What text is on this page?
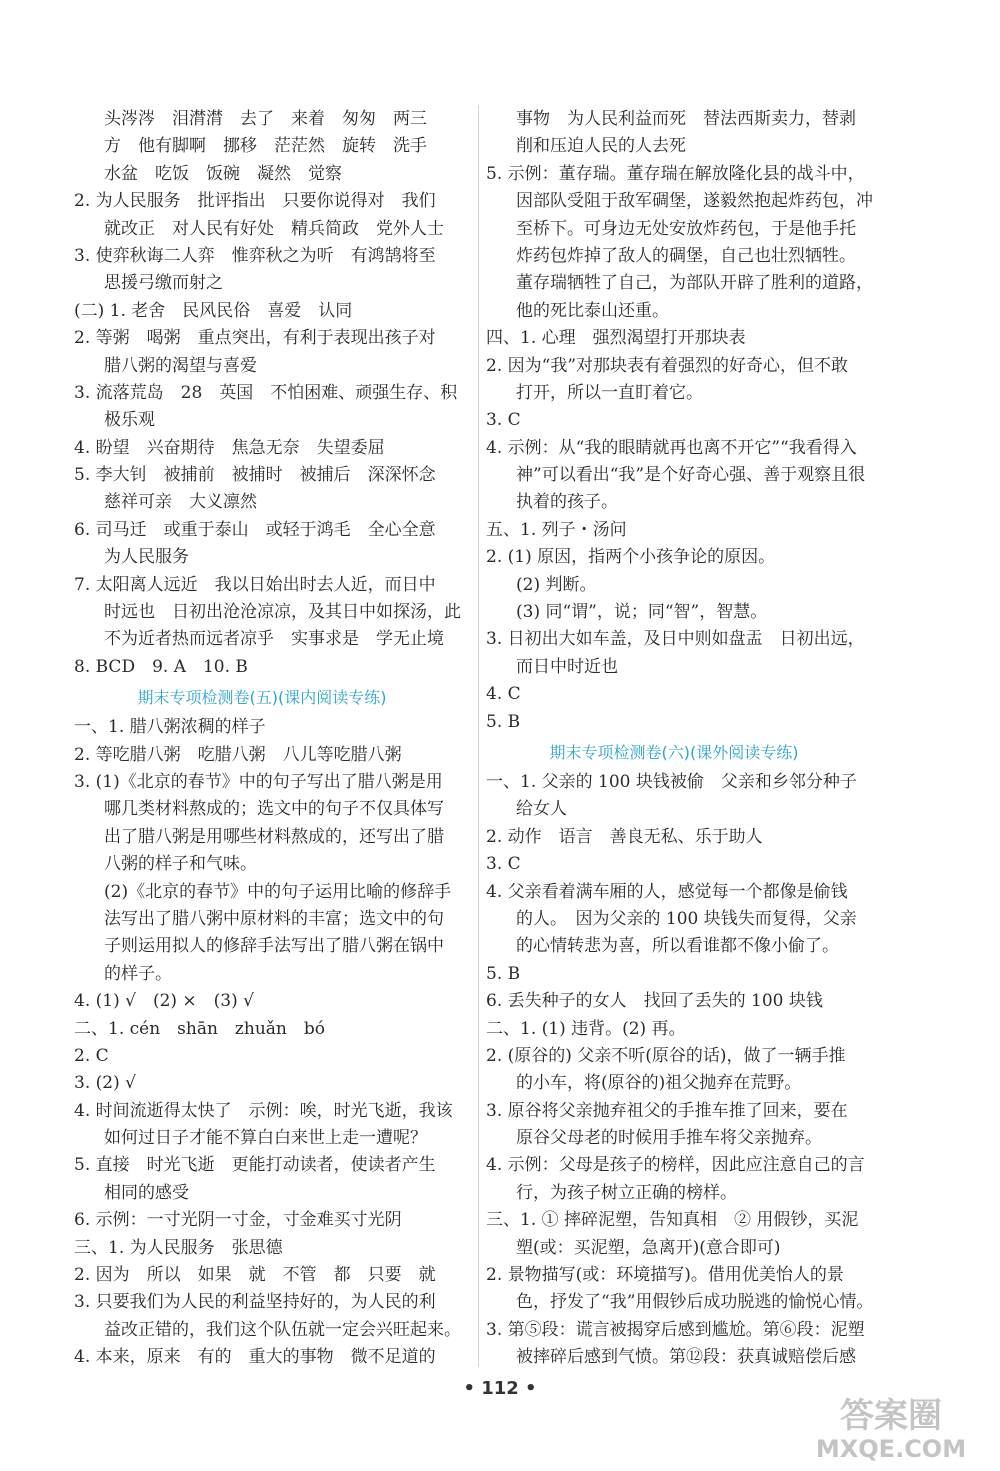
头涔涔　泪潸潸　去了　来着　匆匆　两三
方　他有脚啊　挪移　茫茫然　旋转　洗手
水盆　吃饭　饭碗　凝然　觉察
2. 为人民服务　批评指出　只要你说得对　我们
就改正　对人民有好处　精兵简政　党外人士
3. 使弈秋诲二人弈　惟弈秋之为听　有鸿鹄将至
思援弓缴而射之
(二) 1. 老舍　民风民俗　喜爱　认同
2. 等粥　喝粥　重点突出，有利于表现出孩子对
腊八粥的渴望与喜爱
3. 流落荒岛　28　英国　不怕困难、顽强生存、积
极乐观
4. 盼望　兴奋期待　焦急无奈　失望委屈
5. 李大钊　被捕前　被捕时　被捕后　深深怀念
慈祥可亲　大义凛然
6. 司马迁　或重于泰山　或轻于鸿毛　全心全意
为人民服务
7. 太阳离人远近　我以日始出时去人近，而日中
时远也　日初出沧沧凉凉，及其日中如探汤，此
不为近者热而远者凉乎　实事求是　学无止境
8. BCD　9. A　10. B
期末专项检测卷(五)(课内阅读专练)
一、1. 腊八粥浓稠的样子
2. 等吃腊八粥　吃腊八粥　八儿等吃腊八粥
3. (1)《北京的春节》中的句子写出了腊八粥是用
哪几类材料熬成的；选文中的句子不仅具体写
出了腊八粥是用哪些材料熬成的，还写出了腊
八粥的样子和气味。
(2)《北京的春节》中的句子运用比喻的修辞手
法写出了腊八粥中原材料的丰富；选文中的句
子则运用拟人的修辞手法写出了腊八粥在锅中
的样子。
4. (1) √　(2) ×　(3) √
二、1. cén　shān　zhuǎn　bó
2. C
3. (2) √
4. 时间流逝得太快了　示例：唉，时光飞逝，我该
如何过日子才能不算白白来世上走一遭呢？
5. 直接　时光飞逝　更能打动读者，使读者产生
相同的感受
6. 示例：一寸光阴一寸金，寸金难买寸光阴
三、1. 为人民服务　张思德
2. 因为　所以　如果　就　不管　都　只要　就
3. 只要我们为人民的利益坚持好的，为人民的利
益改正错的，我们这个队伍就一定会兴旺起来。
4. 本来，原来　有的　重大的事物　微不足道的
事物　为人民利益而死　替法西斯卖力，替剥
削和压迫人民的人去死
5. 示例：董存瑞。董存瑞在解放隆化县的战斗中，
因部队受阻于敌军碉堡，遂毅然抱起炸药包，冲
至桥下。可身边无处安放炸药包，于是他手托
炸药包炸掉了敌人的碉堡，自己也壮烈牺牲。
董存瑞牺牲了自己，为部队开辟了胜利的道路，
他的死比泰山还重。
四、1. 心理　强烈渴望打开那块表
2. 因为“我”对那块表有着强烈的好奇心，但不敢
打开，所以一直盯着它。
3. C
4. 示例：从“我的眼睛就再也离不开它”“我看得入
神”可以看出“我”是个好奇心强、善于观察且很
执着的孩子。
五、1. 列子・汤问
2. (1) 原因，指两个小孩争论的原因。
(2) 判断。
(3) 同“谓”，说；同“智”，智慧。
3. 日初出大如车盖，及日中则如盘盂　日初出远，
而日中时近也
4. C
5. B
期末专项检测卷(六)(课外阅读专练)
一、1. 父亲的 100 块钱被偷　父亲和乡邻分种子
给女人
2. 动作　语言　善良无私、乐于助人
3. C
4. 父亲看着满车厢的人，感觉每一个都像是偷钱
的人。　因为父亲的 100 块钱失而复得，父亲
的心情转悲为喜，所以看谁都不像小偷了。
5. B
6. 丢失种子的女人　找回了丢失的 100 块钱
二、1. (1) 违背。(2) 再。
2. (原谷的) 父亲不听(原谷的话)，做了一辆手推
的小车，将(原谷的)祖父抛弃在荒野。
3. 原谷将父亲抛弃祖父的手推车推了回来，要在
原谷父母老的时候用手推车将父亲抛弃。
4. 示例：父母是孩子的榜样，因此应注意自己的言
行，为孩子树立正确的榜样。
三、1. ① 摔碎泥塑，告知真相　② 用假钞，买泥
塑(或：买泥塑，急离开)(意合即可)
2. 景物描写(或：环境描写)。借用优美怡人的景
色，抒发了“我”用假钞后成功脱逃的愉悦心情。
3. 第⑤段：谎言被揭穿后感到尴尬。第⑥段：泥塑
被摔碎后感到气愤。第⑫段：获真诚赔偿后感
• 112 •
答案圈
MXQE.COM
